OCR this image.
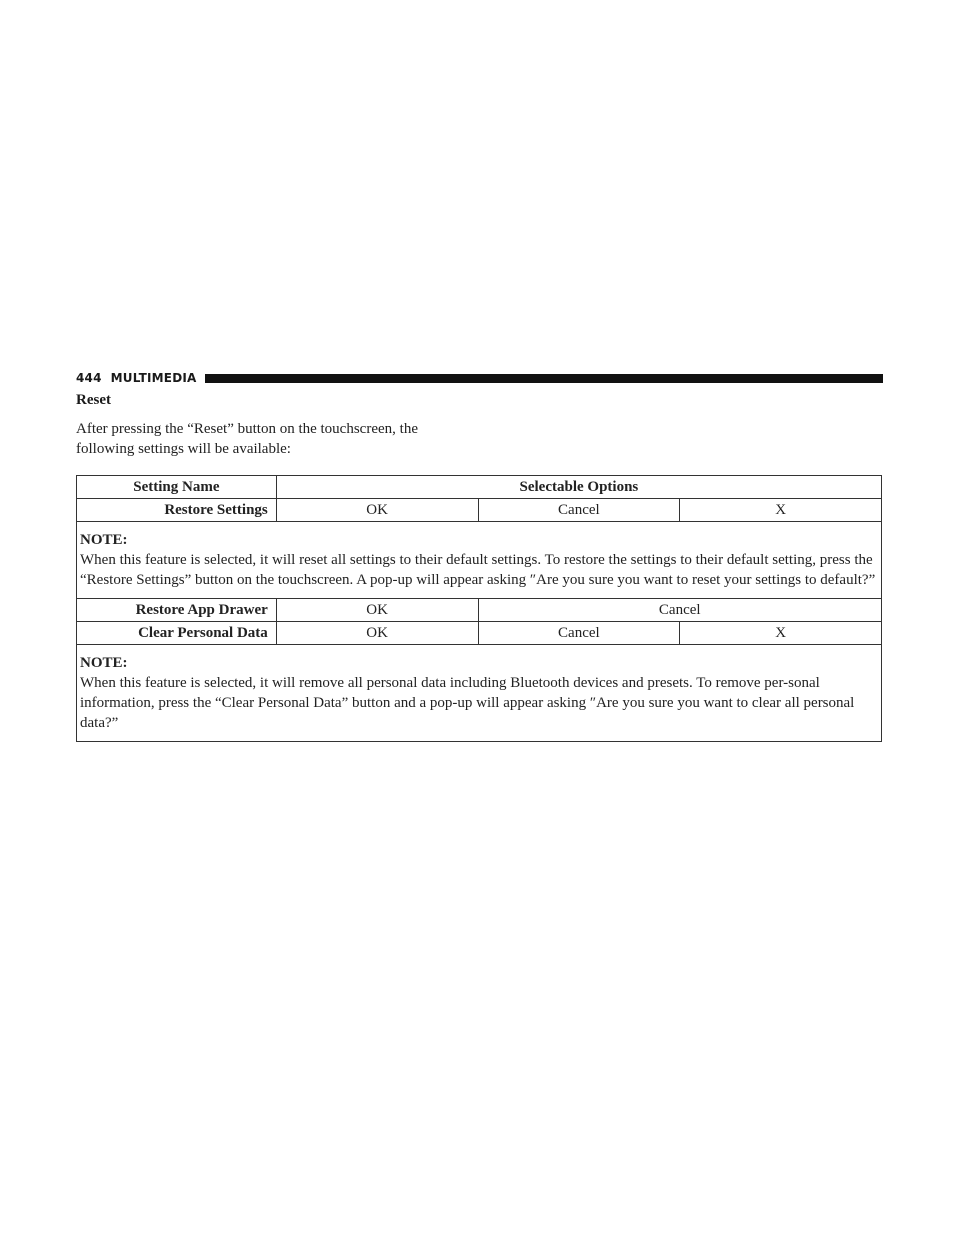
444 MULTIMEDIA
Reset

After pressing the “Reset” button on the touchscreen, the following settings will be available:

Setting Name	Selectable Options		
Restore Settings	OK	Cancel	X

NOTE:
When this feature is selected, it will reset all settings to their default settings. To restore the settings to their default setting, press the “Restore Settings” button on the touchscreen. A pop-up will appear asking ″Are you sure you want to reset your settings to default?”			
Restore App Drawer	OK	Cancel	
Clear Personal Data	OK	Cancel	X

NOTE:
When this feature is selected, it will remove all personal data including Bluetooth devices and presets. To remove per-sonal information, press the “Clear Personal Data” button and a pop-up will appear asking ″Are you sure you want to clear all personal data?”			
